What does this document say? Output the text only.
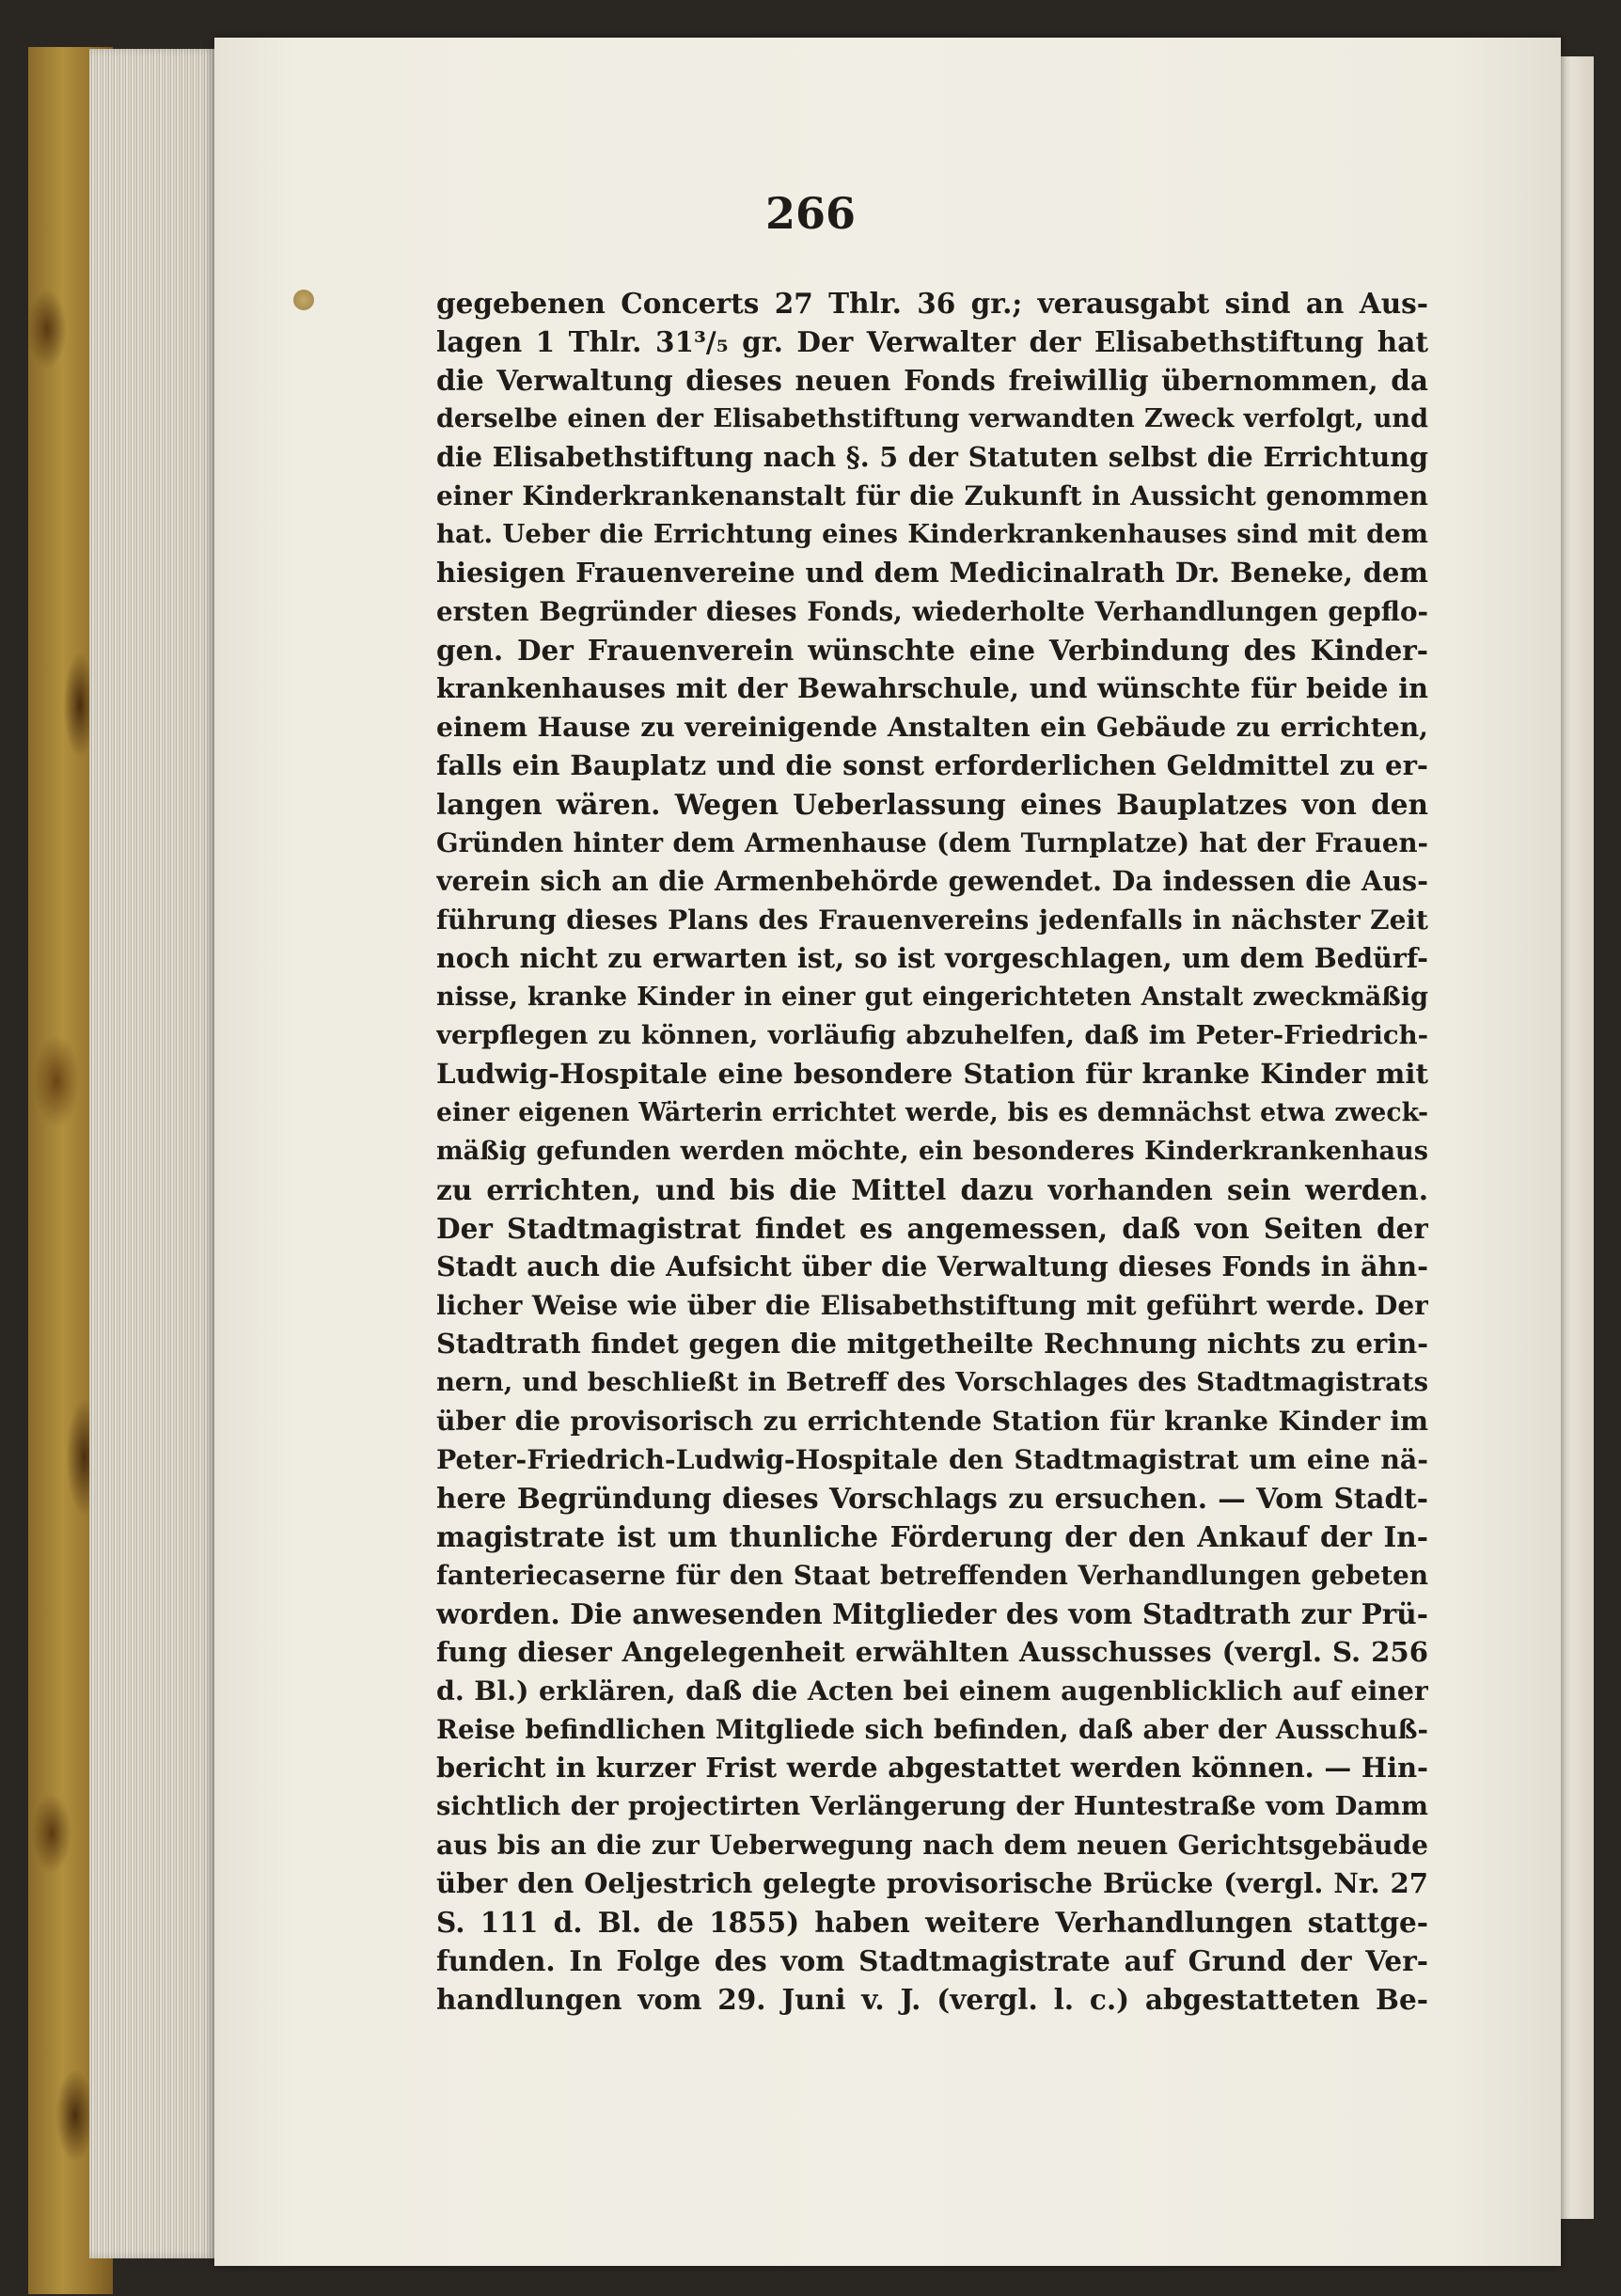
266
gegebenen Concerts 27 Thlr. 36 gr.; verausgabt sind an Aus-
lagen 1 Thlr. 31³/₅ gr. Der Verwalter der Elisabethstiftung hat
die Verwaltung dieses neuen Fonds freiwillig übernommen, da
derselbe einen der Elisabethstiftung verwandten Zweck verfolgt, und
die Elisabethstiftung nach §. 5 der Statuten selbst die Errichtung
einer Kinderkrankenanstalt für die Zukunft in Aussicht genommen
hat. Ueber die Errichtung eines Kinderkrankenhauses sind mit dem
hiesigen Frauenvereine und dem Medicinalrath Dr. Beneke, dem
ersten Begründer dieses Fonds, wiederholte Verhandlungen gepflo-
gen. Der Frauenverein wünschte eine Verbindung des Kinder-
krankenhauses mit der Bewahrschule, und wünschte für beide in
einem Hause zu vereinigende Anstalten ein Gebäude zu errichten,
falls ein Bauplatz und die sonst erforderlichen Geldmittel zu er-
langen wären. Wegen Ueberlassung eines Bauplatzes von den
Gründen hinter dem Armenhause (dem Turnplatze) hat der Frauen-
verein sich an die Armenbehörde gewendet. Da indessen die Aus-
führung dieses Plans des Frauenvereins jedenfalls in nächster Zeit
noch nicht zu erwarten ist, so ist vorgeschlagen, um dem Bedürf-
nisse, kranke Kinder in einer gut eingerichteten Anstalt zweckmäßig
verpflegen zu können, vorläufig abzuhelfen, daß im Peter-Friedrich-
Ludwig-Hospitale eine besondere Station für kranke Kinder mit
einer eigenen Wärterin errichtet werde, bis es demnächst etwa zweck-
mäßig gefunden werden möchte, ein besonderes Kinderkrankenhaus
zu errichten, und bis die Mittel dazu vorhanden sein werden.
Der Stadtmagistrat findet es angemessen, daß von Seiten der
Stadt auch die Aufsicht über die Verwaltung dieses Fonds in ähn-
licher Weise wie über die Elisabethstiftung mit geführt werde. Der
Stadtrath findet gegen die mitgetheilte Rechnung nichts zu erin-
nern, und beschließt in Betreff des Vorschlages des Stadtmagistrats
über die provisorisch zu errichtende Station für kranke Kinder im
Peter-Friedrich-Ludwig-Hospitale den Stadtmagistrat um eine nä-
here Begründung dieses Vorschlags zu ersuchen. — Vom Stadt-
magistrate ist um thunliche Förderung der den Ankauf der In-
fanteriecaserne für den Staat betreffenden Verhandlungen gebeten
worden. Die anwesenden Mitglieder des vom Stadtrath zur Prü-
fung dieser Angelegenheit erwählten Ausschusses (vergl. S. 256
d. Bl.) erklären, daß die Acten bei einem augenblicklich auf einer
Reise befindlichen Mitgliede sich befinden, daß aber der Ausschuß-
bericht in kurzer Frist werde abgestattet werden können. — Hin-
sichtlich der projectirten Verlängerung der Huntestraße vom Damm
aus bis an die zur Ueberwegung nach dem neuen Gerichtsgebäude
über den Oeljestrich gelegte provisorische Brücke (vergl. Nr. 27
S. 111 d. Bl. de 1855) haben weitere Verhandlungen stattge-
funden. In Folge des vom Stadtmagistrate auf Grund der Ver-
handlungen vom 29. Juni v. J. (vergl. l. c.) abgestatteten Be-
